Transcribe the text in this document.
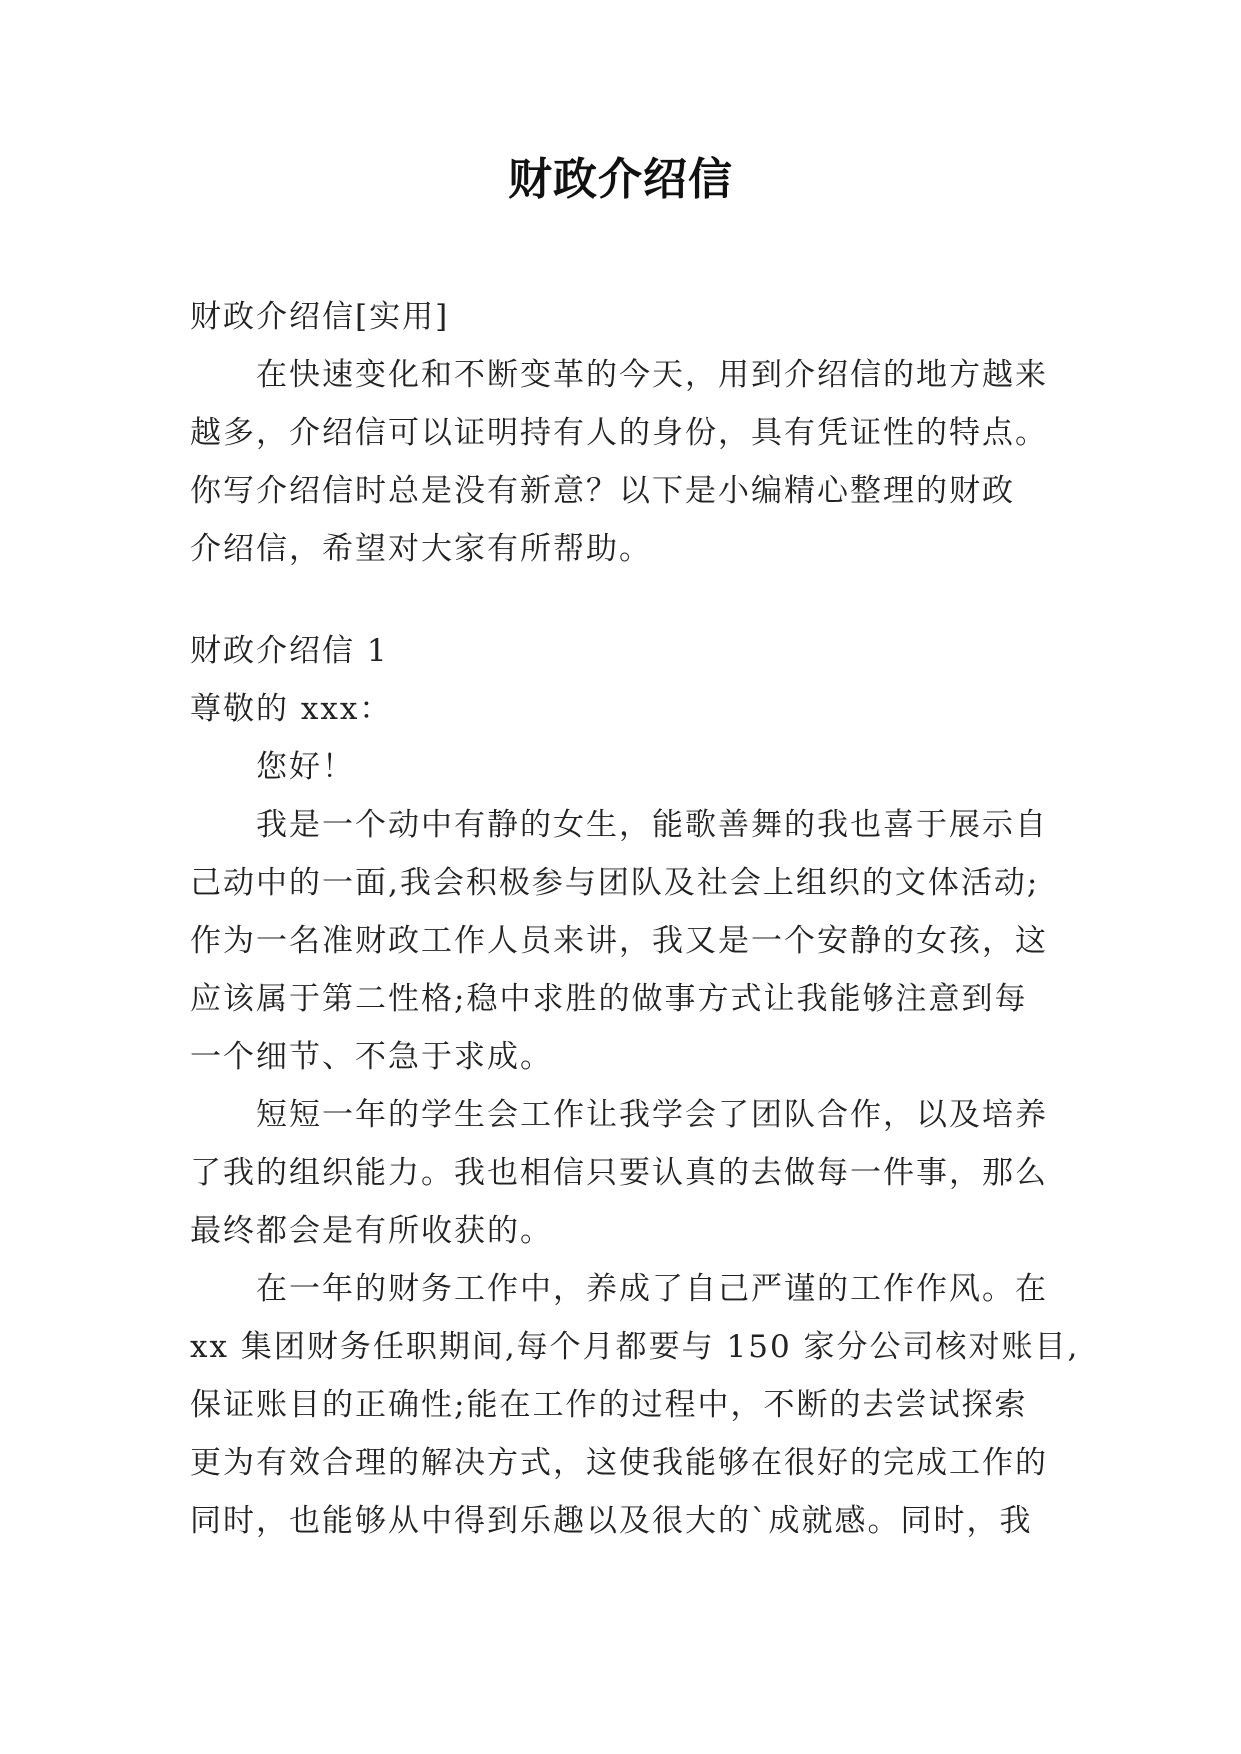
财政介绍信
财政介绍信[实用]
在快速变化和不断变革的今天，用到介绍信的地方越来
越多，介绍信可以证明持有人的身份，具有凭证性的特点。
你写介绍信时总是没有新意？以下是小编精心整理的财政
介绍信，希望对大家有所帮助。
财政介绍信 1
尊敬的 xxx：
您好！
我是一个动中有静的女生，能歌善舞的我也喜于展示自
己动中的一面,我会积极参与团队及社会上组织的文体活动;
作为一名准财政工作人员来讲，我又是一个安静的女孩，这
应该属于第二性格;稳中求胜的做事方式让我能够注意到每
一个细节、不急于求成。
短短一年的学生会工作让我学会了团队合作，以及培养
了我的组织能力。我也相信只要认真的去做每一件事，那么
最终都会是有所收获的。
在一年的财务工作中，养成了自己严谨的工作作风。在
xx 集团财务任职期间,每个月都要与 150 家分公司核对账目,
保证账目的正确性;能在工作的过程中，不断的去尝试探索
更为有效合理的解决方式，这使我能够在很好的完成工作的
同时，也能够从中得到乐趣以及很大的`成就感。同时，我
